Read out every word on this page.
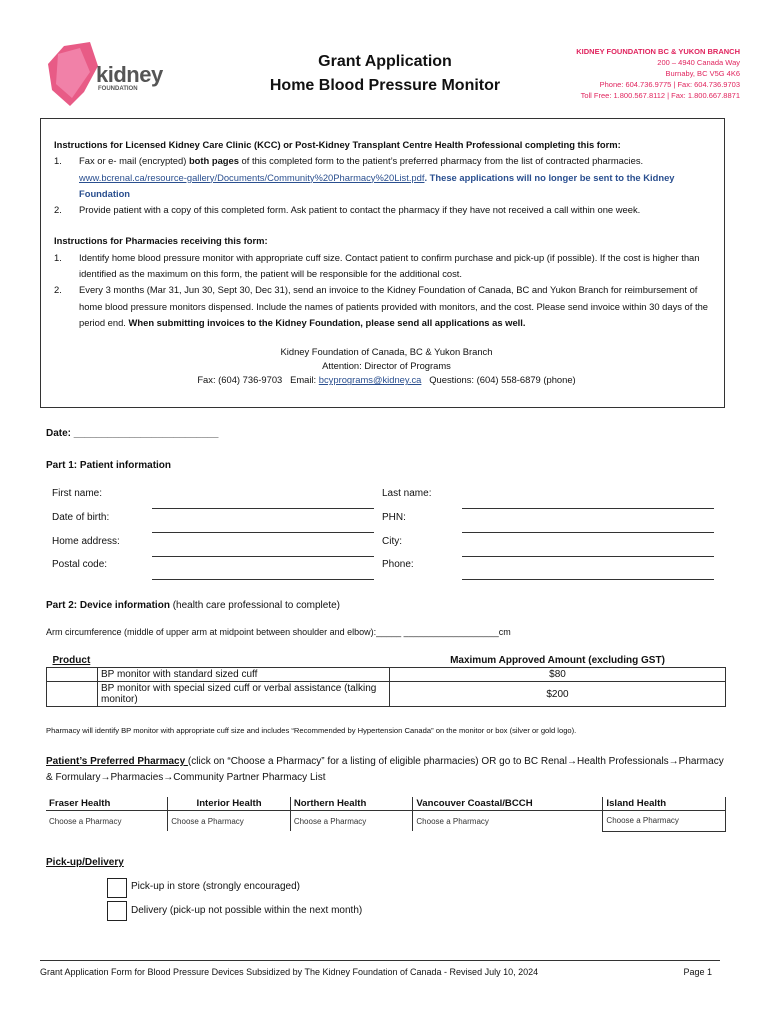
kidney
FOUNDATION
Grant Application
Home Blood Pressure Monitor
KIDNEY FOUNDATION BC & YUKON BRANCH
200 – 4940 Canada Way
Burnaby, BC V5G 4K6
Phone: 604.736.9775 | Fax: 604.736.9703
Toll Free: 1.800.567.8112 | Fax: 1.800.667.8871
Instructions for Licensed Kidney Care Clinic (KCC) or Post-Kidney Transplant Centre Health Professional completing this form:
1. Fax or e- mail (encrypted) both pages of this completed form to the patient’s preferred pharmacy from the list of contracted pharmacies.
www.bcrenal.ca/resource-gallery/Documents/Community%20Pharmacy%20List.pdf. These applications will no longer be sent to the Kidney Foundation
2. Provide patient with a copy of this completed form. Ask patient to contact the pharmacy if they have not received a call within one week.
Instructions for Pharmacies receiving this form:
1. Identify home blood pressure monitor with appropriate cuff size. Contact patient to confirm purchase and pick-up (if possible). If the cost is higher than identified as the maximum on this form, the patient will be responsible for the additional cost.
2. Every 3 months (Mar 31, Jun 30, Sept 30, Dec 31), send an invoice to the Kidney Foundation of Canada, BC and Yukon Branch for reimbursement of home blood pressure monitors dispensed. Include the names of patients provided with monitors, and the cost. Please send invoice within 30 days of the period end. When submitting invoices to the Kidney Foundation, please send all applications as well.
Kidney Foundation of Canada, BC & Yukon Branch
Attention: Director of Programs
Fax: (604) 736-9703 Email: bcyprograms@kidney.ca Questions: (604) 558-6879 (phone)
Date: __________________________
Part 1: Patient information
First name:	Last name:
Date of birth:	PHN:
Home address:	City:
Postal code:	Phone:
Part 2: Device information (health care professional to complete)
Arm circumference (middle of upper arm at midpoint between shoulder and elbow):_____ ___________________cm
Product		Maximum Approved Amount (excluding GST)
	BP monitor with standard sized cuff	$80
	BP monitor with special sized cuff or verbal assistance (talking monitor)	$200
Pharmacy will identify BP monitor with appropriate cuff size and includes “Recommended by Hypertension Canada” on the monitor or box (silver or gold logo).
Patient’s Preferred Pharmacy (click on “Choose a Pharmacy” for a listing of eligible pharmacies) OR go to BC Renal→Health Professionals→Pharmacy & Formulary→Pharmacies→Community Partner Pharmacy List
Fraser Health	Interior Health	Northern Health	Vancouver Coastal/BCCH	Island Health
Choose a Pharmacy	Choose a Pharmacy	Choose a Pharmacy	Choose a Pharmacy	Choose a Pharmacy
Pick-up/Delivery
Pick-up in store (strongly encouraged)
Delivery (pick-up not possible within the next month)
Grant Application Form for Blood Pressure Devices Subsidized by The Kidney Foundation of Canada - Revised July 10, 2024	Page 1
